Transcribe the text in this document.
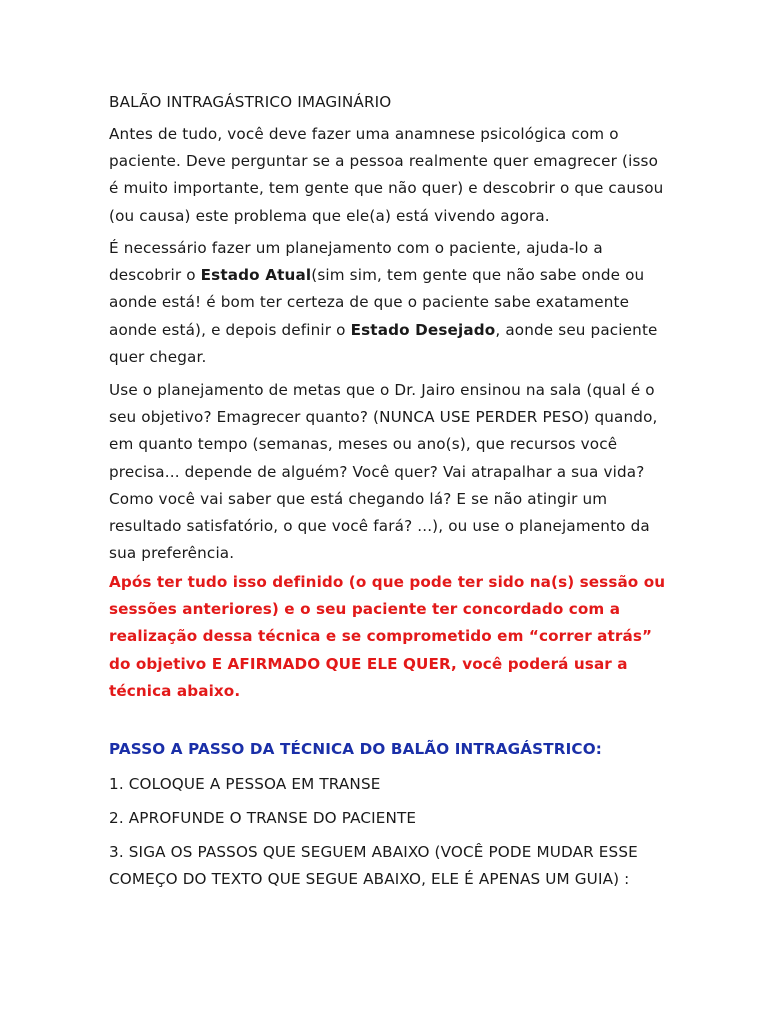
BALÃO INTRAGÁSTRICO IMAGINÁRIO
Antes de tudo, você deve fazer uma anamnese psicológica com o paciente. Deve perguntar se a pessoa realmente quer emagrecer (isso é muito importante, tem gente que não quer) e descobrir o que causou (ou causa) este problema que ele(a) está vivendo agora.
É necessário fazer um planejamento com o paciente, ajuda-lo a descobrir o Estado Atual(sim sim, tem gente que não sabe onde ou aonde está! é bom ter certeza de que o paciente sabe exatamente aonde está), e depois definir o Estado Desejado, aonde seu paciente quer chegar.
Use o planejamento de metas que o Dr. Jairo ensinou na sala (qual é o seu objetivo? Emagrecer quanto? (NUNCA USE PERDER PESO) quando, em quanto tempo (semanas, meses ou ano(s), que recursos você precisa... depende de alguém? Você quer? Vai atrapalhar a sua vida? Como você vai saber que está chegando lá? E se não atingir um resultado satisfatório, o que você fará? ...), ou use o planejamento da sua preferência.
Após ter tudo isso definido (o que pode ter sido na(s) sessão ou sessões anteriores) e o seu paciente ter concordado com a realização dessa técnica e se comprometido em “correr atrás” do objetivo E AFIRMADO QUE ELE QUER, você poderá usar a técnica abaixo.
PASSO A PASSO DA TÉCNICA DO BALÃO INTRAGÁSTRICO:
1. COLOQUE A PESSOA EM TRANSE
2. APROFUNDE O TRANSE DO PACIENTE
3. SIGA OS PASSOS QUE SEGUEM ABAIXO (VOCÊ PODE MUDAR ESSE COMEÇO DO TEXTO QUE SEGUE ABAIXO, ELE É APENAS UM GUIA) :
